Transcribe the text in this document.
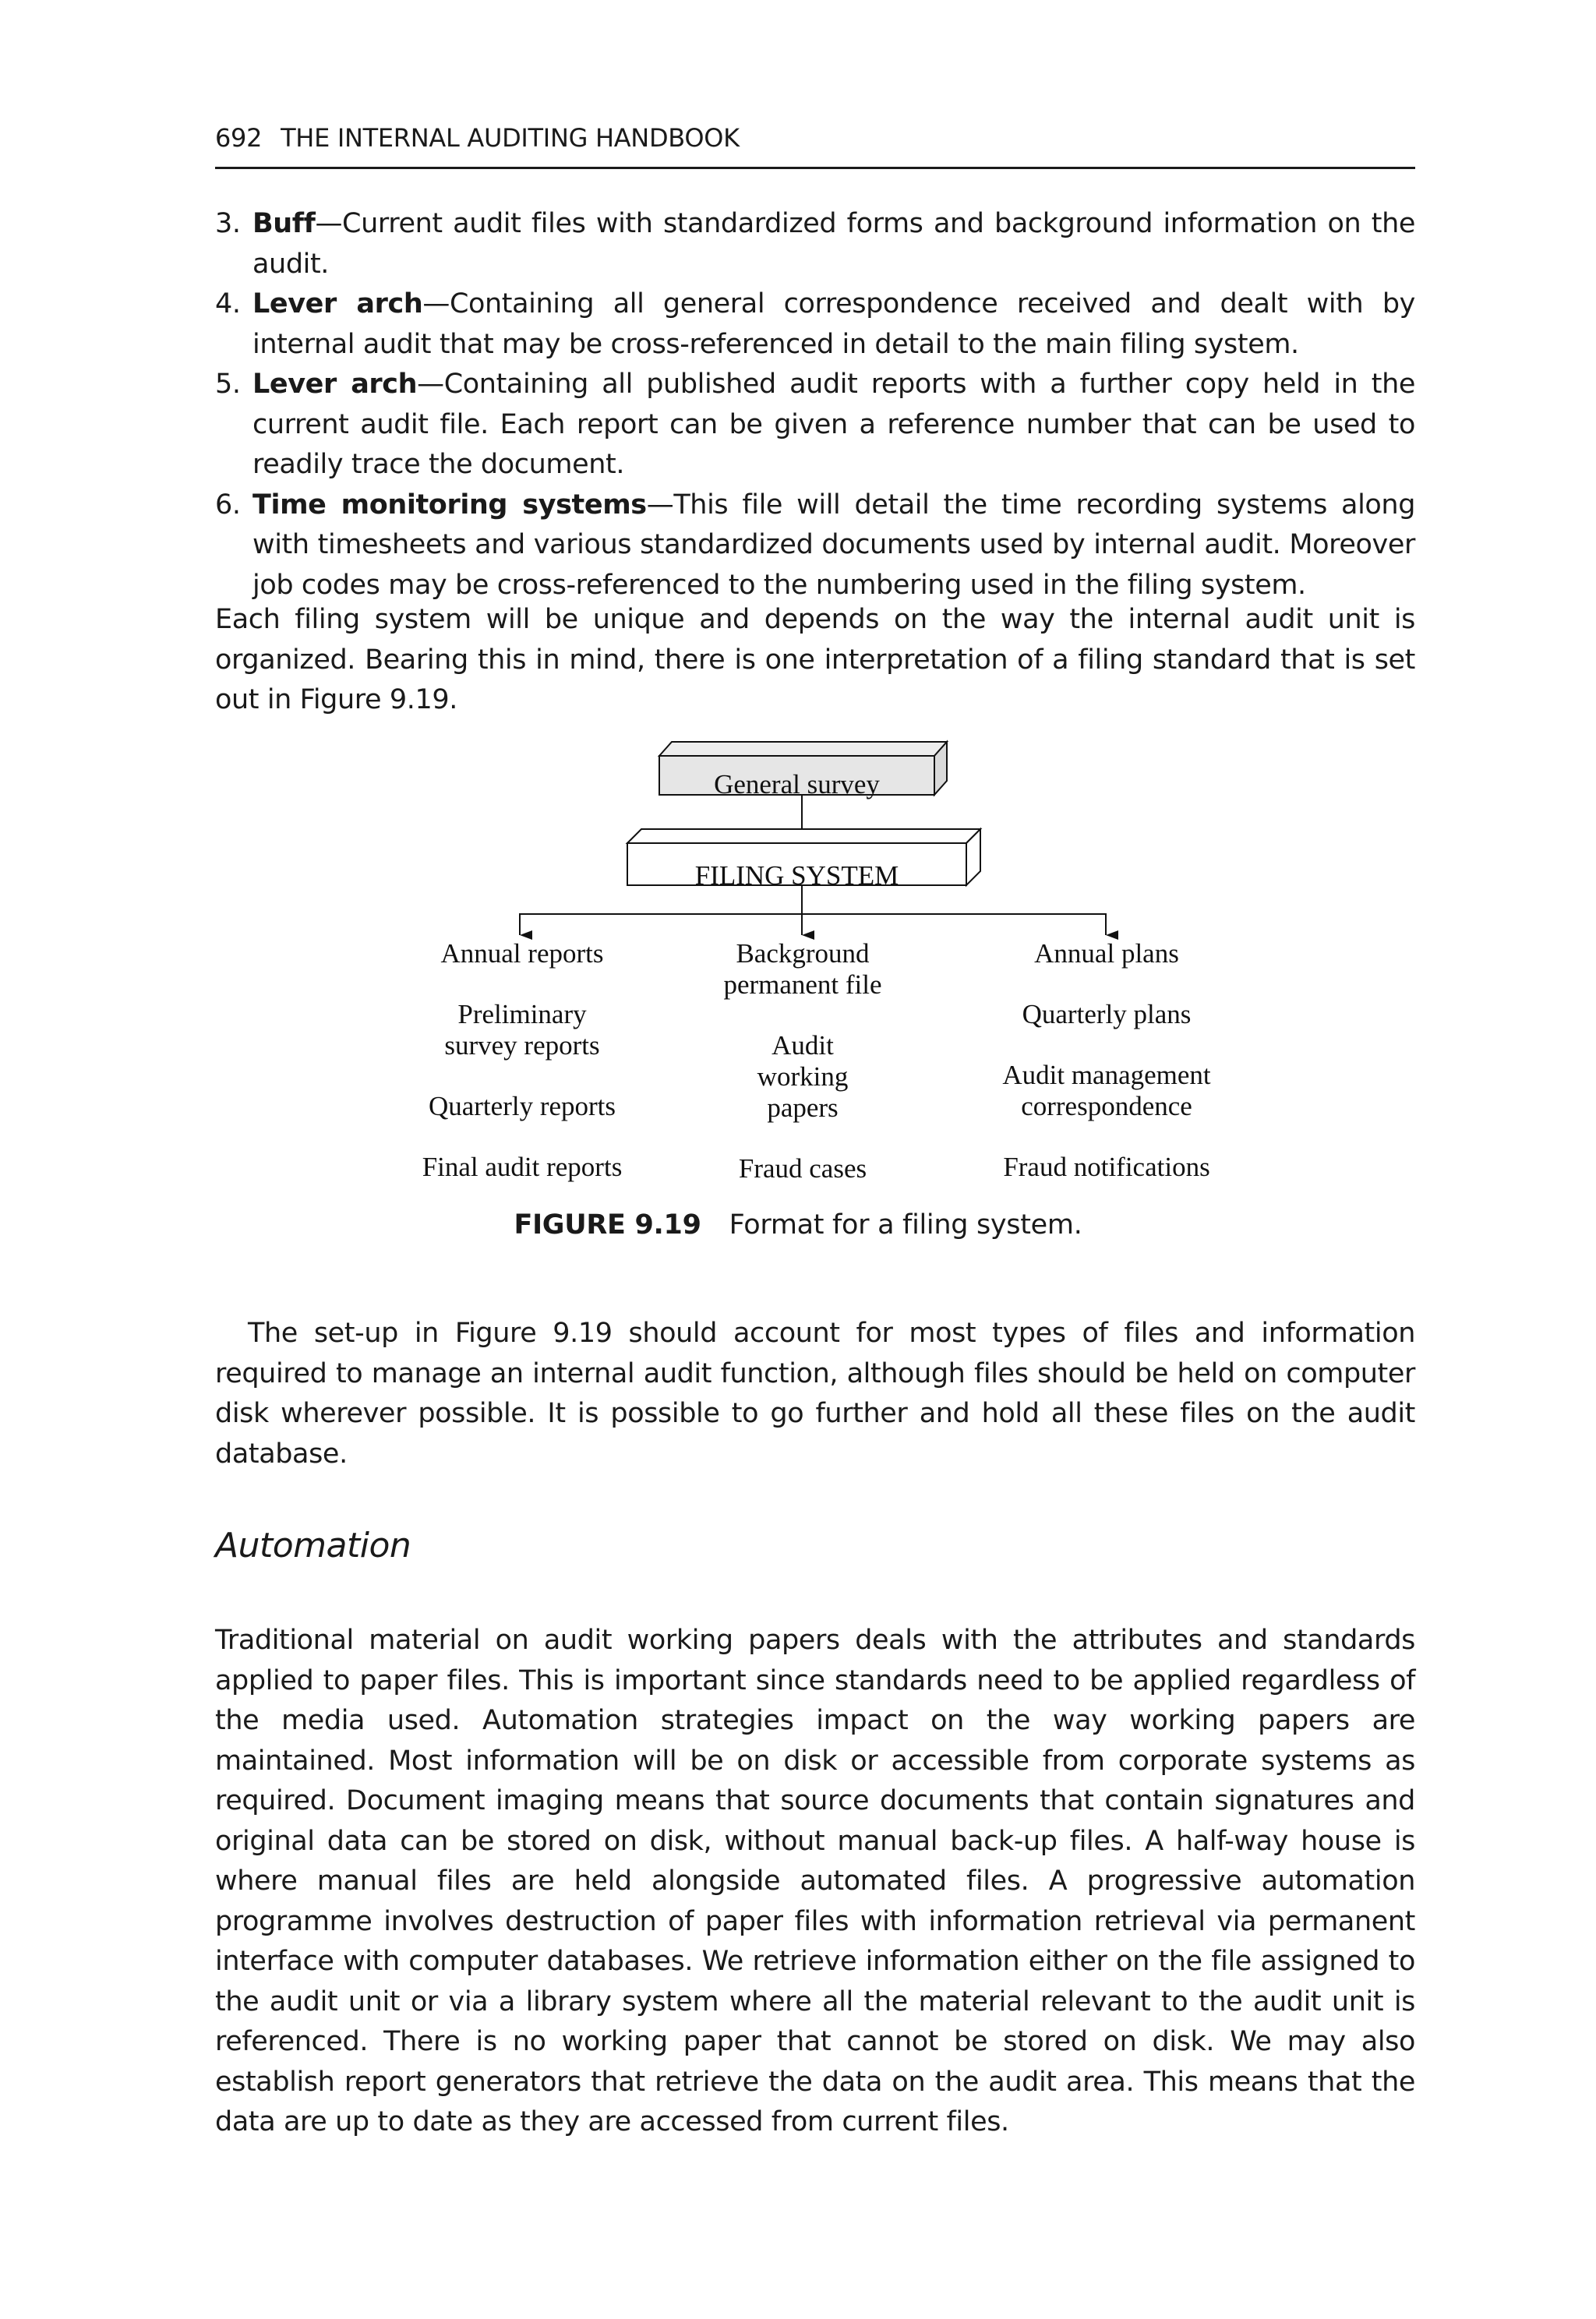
692 THE INTERNAL AUDITING HANDBOOK
3. Buff—Current audit files with standardized forms and background information on the audit.
4. Lever arch—Containing all general correspondence received and dealt with by internal audit that may be cross-referenced in detail to the main filing system.
5. Lever arch—Containing all published audit reports with a further copy held in the current audit file. Each report can be given a reference number that can be used to readily trace the document.
6. Time monitoring systems—This file will detail the time recording systems along with timesheets and various standardized documents used by internal audit. Moreover job codes may be cross-referenced to the numbering used in the filing system.

Each filing system will be unique and depends on the way the internal audit unit is organized. Bearing this in mind, there is one interpretation of a filing standard that is set out in Figure 9.19.

General survey
FILING SYSTEM
Annual reports
Preliminary survey reports
Quarterly reports
Final audit reports
Background permanent file
Audit working papers
Fraud cases
Annual plans
Quarterly plans
Audit management correspondence
Fraud notifications
FIGURE 9.19 Format for a filing system.

The set-up in Figure 9.19 should account for most types of files and information required to manage an internal audit function, although files should be held on computer disk wherever possible. It is possible to go further and hold all these files on the audit database.

Automation

Traditional material on audit working papers deals with the attributes and standards applied to paper files. This is important since standards need to be applied regardless of the media used. Automation strategies impact on the way working papers are maintained. Most information will be on disk or accessible from corporate systems as required. Document imaging means that source documents that contain signatures and original data can be stored on disk, without manual back-up files. A half-way house is where manual files are held alongside automated files. A progressive automation programme involves destruction of paper files with information retrieval via permanent interface with computer databases. We retrieve information either on the file assigned to the audit unit or via a library system where all the material relevant to the audit unit is referenced. There is no working paper that cannot be stored on disk. We may also establish report generators that retrieve the data on the audit area. This means that the data are up to date as they are accessed from current files.
